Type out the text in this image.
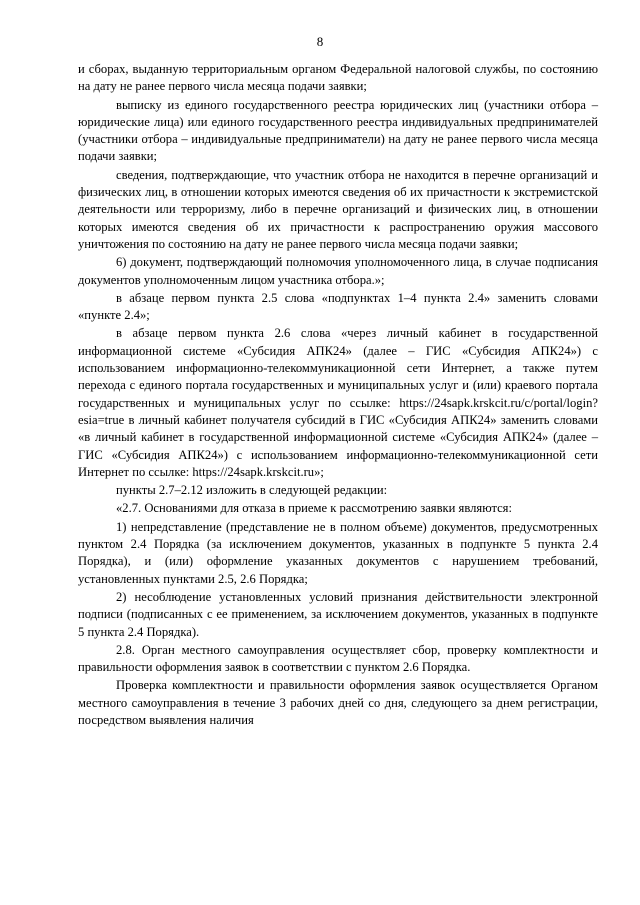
8

и сборах, выданную территориальным органом Федеральной налоговой службы, по состоянию на дату не ранее первого числа месяца подачи заявки;

выписку из единого государственного реестра юридических лиц (участники отбора – юридические лица) или единого государственного реестра индивидуальных предпринимателей (участники отбора – индивидуальные предприниматели) на дату не ранее первого числа месяца подачи заявки;

сведения, подтверждающие, что участник отбора не находится в перечне организаций и физических лиц, в отношении которых имеются сведения об их причастности к экстремистской деятельности или терроризму, либо в перечне организаций и физических лиц, в отношении которых имеются сведения об их причастности к распространению оружия массового уничтожения по состоянию на дату не ранее первого числа месяца подачи заявки;

6) документ, подтверждающий полномочия уполномоченного лица, в случае подписания документов уполномоченным лицом участника отбора.»;

в абзаце первом пункта 2.5 слова «подпунктах 1–4 пункта 2.4» заменить словами «пункте 2.4»;

в абзаце первом пункта 2.6 слова «через личный кабинет в государственной информационной системе «Субсидия АПК24» (далее – ГИС «Субсидия АПК24») с использованием информационно-телекоммуникационной сети Интернет, а также путем перехода с единого портала государственных и муниципальных услуг и (или) краевого портала государственных и муниципальных услуг по ссылке: https://24sapk.krskcit.ru/c/portal/login?esia=true в личный кабинет получателя субсидий в ГИС «Субсидия АПК24» заменить словами «в личный кабинет в государственной информационной системе «Субсидия АПК24» (далее – ГИС «Субсидия АПК24») с использованием информационно-телекоммуникационной сети Интернет по ссылке: https://24sapk.krskcit.ru»;

пункты 2.7–2.12 изложить в следующей редакции:

«2.7. Основаниями для отказа в приеме к рассмотрению заявки являются:

1) непредставление (представление не в полном объеме) документов, предусмотренных пунктом 2.4 Порядка (за исключением документов, указанных в подпункте 5 пункта 2.4 Порядка), и (или) оформление указанных документов с нарушением требований, установленных пунктами 2.5, 2.6 Порядка;

2) несоблюдение установленных условий признания действительности электронной подписи (подписанных с ее применением, за исключением документов, указанных в подпункте 5 пункта 2.4 Порядка).

2.8. Орган местного самоуправления осуществляет сбор, проверку комплектности и правильности оформления заявок в соответствии с пунктом 2.6 Порядка.

Проверка комплектности и правильности оформления заявок осуществляется Органом местного самоуправления в течение 3 рабочих дней со дня, следующего за днем регистрации, посредством выявления наличия
